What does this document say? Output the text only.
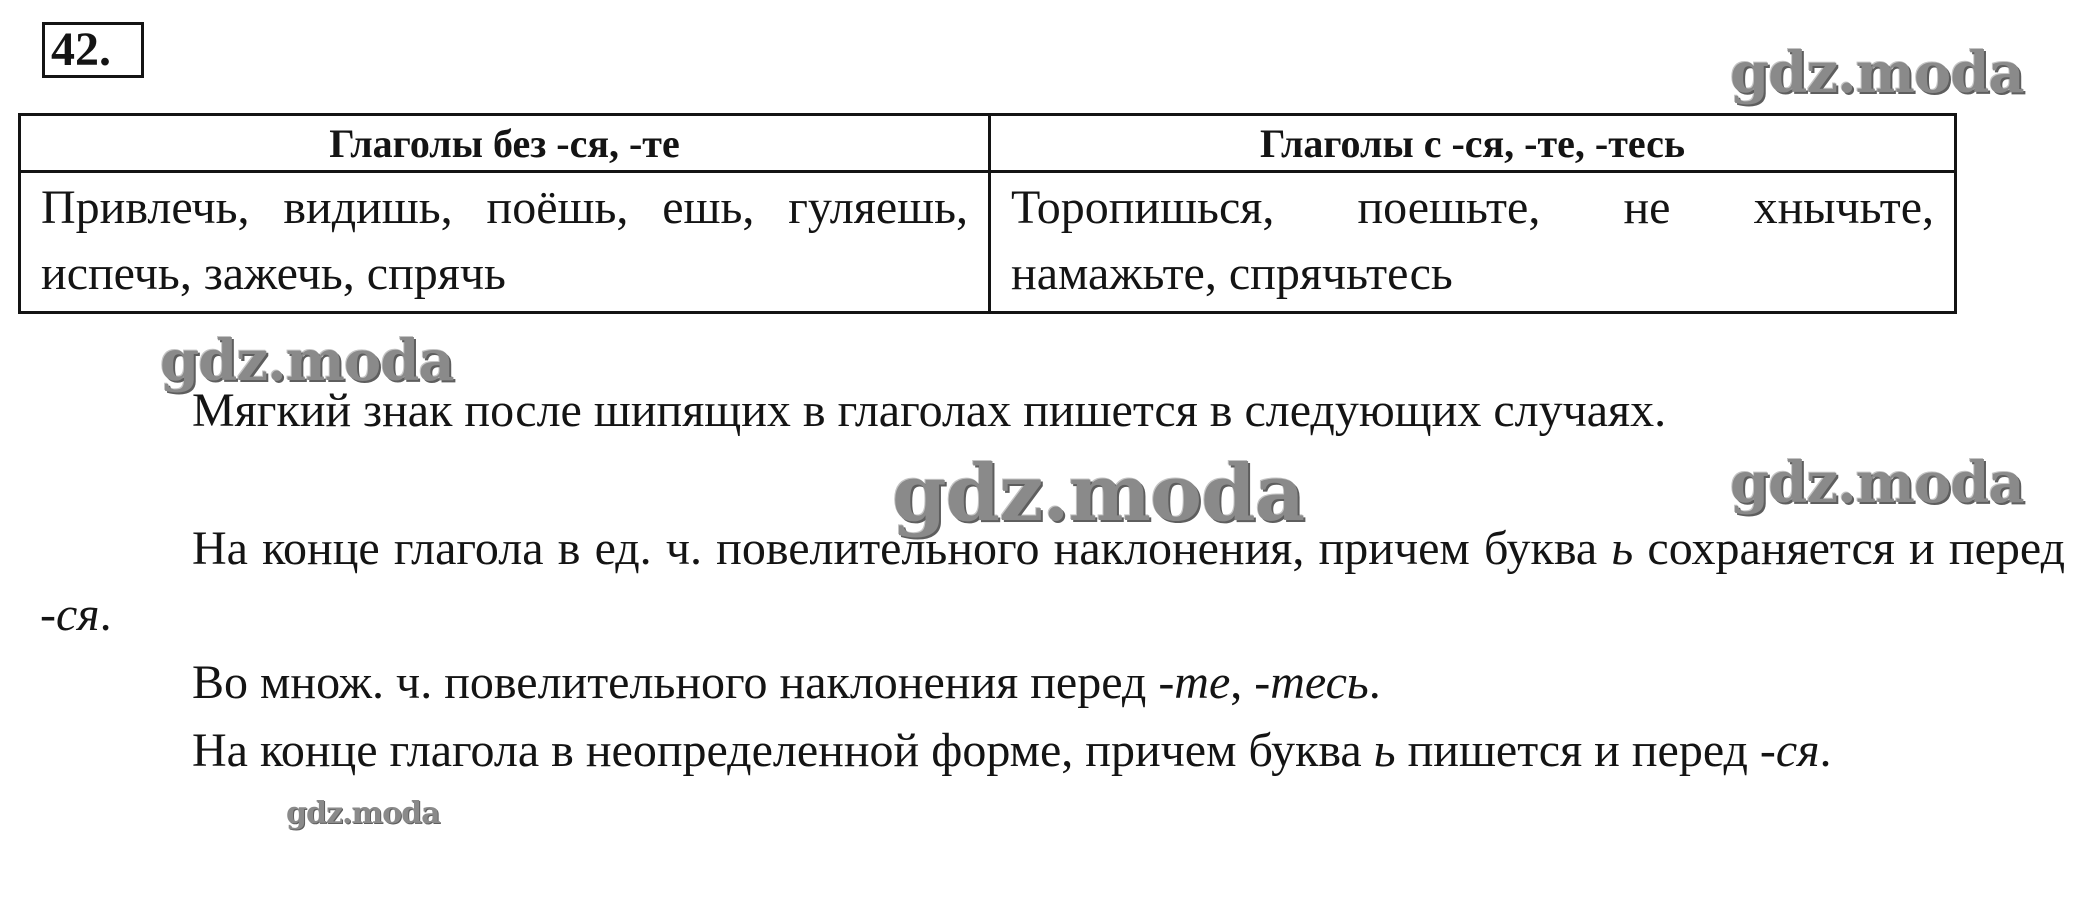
42.	gdz.moda
Глаголы без -ся, -те	Глаголы с -ся, -те, -тесь
Привлечь, видишь, поёшь, ешь, гуляешь, испечь, зажечь, спрячь	Торопишься, поешьте, не хнычьте, намажьте, спрячьтесь
gdz.moda

Мягкий знак после шипящих в глаголах пишется в следующих случаях.

gdz.moda	gdz.moda

На конце глагола в ед. ч. повелительного наклонения, причем буква ь сохраняется и перед -ся.

Во множ. ч. повелительного наклонения перед -те, -тесь.

На конце глагола в неопределенной форме, причем буква ь пишется и перед -ся.

gdz.moda
